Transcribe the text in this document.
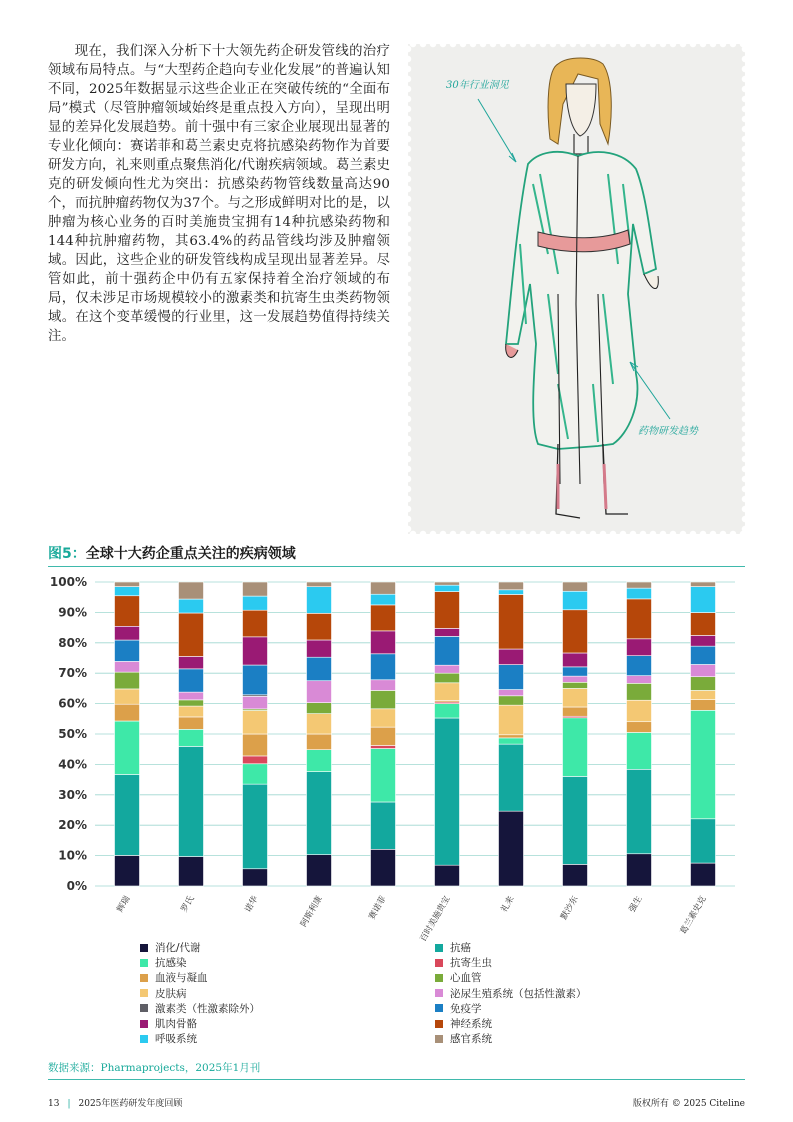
现在，我们深入分析下十大领先药企研发管线的治疗领域布局特点。与“大型药企趋向专业化发展”的普遍认知不同，2025年数据显示这些企业正在突破传统的“全面布局”模式（尽管肿瘤领域始终是重点投入方向），呈现出明显的差异化发展趋势。前十强中有三家企业展现出显著的专业化倾向：赛诺菲和葛兰素史克将抗感染药物作为首要研发方向，礼来则重点聚焦消化/代谢疾病领域。葛兰素史克的研发倾向性尤为突出：抗感染药物管线数量高达90个，而抗肿瘤药物仅为37个。与之形成鲜明对比的是，以肿瘤为核心业务的百时美施贵宝拥有14种抗感染药物和144种抗肿瘤药物，其63.4%的药品管线均涉及肿瘤领域。因此，这些企业的研发管线构成呈现出显著差异。尽管如此，前十强药企中仍有五家保持着全治疗领域的布局，仅未涉足市场规模较小的激素类和抗寄生虫类药物领域。在这个变革缓慢的行业里，这一发展趋势值得持续关注。

30年行业洞见
药物研发趋势
图5：全球十大药企重点关注的疾病领域
0%
10%
20%
30%
40%
50%
60%
70%
80%
90%
100%
辉瑞	罗氏	诺华	阿斯利康	赛诺菲	百时美施贵宝	礼来	默沙东	强生	葛兰素史克
消化/代谢	抗癌
抗感染	抗寄生虫
血液与凝血	心血管
皮肤病	泌尿生殖系统（包括性激素）
激素类（性激素除外）	免疫学
肌肉骨骼	神经系统
呼吸系统	感官系统
数据来源：Pharmaprojects，2025年1月刊
13 | 2025年医药研发年度回顾	版权所有 © 2025 Citeline
